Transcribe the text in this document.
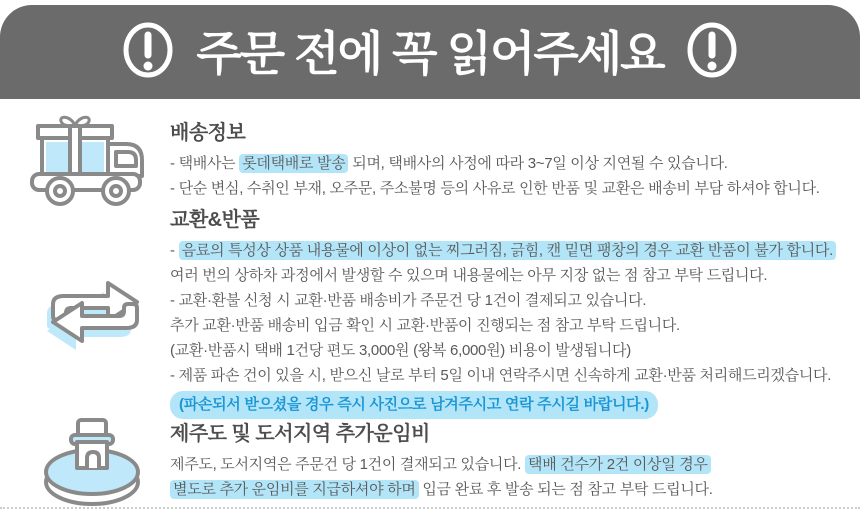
주문 전에 꼭 읽어주세요
배송정보

- 택배사는 롯데택배로 발송 되며, 택배사의 사정에 따라 3~7일 이상 지연될 수 있습니다.

- 단순 변심, 수취인 부재, 오주문, 주소불명 등의 사유로 인한 반품 및 교환은 배송비 부담 하셔야 합니다.

교환&반품

- 음료의 특성상 상품 내용물에 이상이 없는 찌그러짐, 긁힘, 캔 밑면 팽창의 경우 교환 반품이 불가 합니다.

여러 번의 상하차 과정에서 발생할 수 있으며 내용물에는 아무 지장 없는 점 참고 부탁 드립니다.

- 교환·환불 신청 시 교환·반품 배송비가 주문건 당 1건이 결제되고 있습니다.

추가 교환·반품 배송비 입금 확인 시 교환·반품이 진행되는 점 참고 부탁 드립니다.

(교환·반품시 택배 1건당 편도 3,000원 (왕복 6,000원) 비용이 발생됩니다)

- 제품 파손 건이 있을 시, 받으신 날로 부터 5일 이내 연락주시면 신속하게 교환·반품 처리해드리겠습니다.

(파손되서 받으셨을 경우 즉시 사진으로 남겨주시고 연락 주시길 바랍니다.)

제주도 및 도서지역 추가운임비

제주도, 도서지역은 주문건 당 1건이 결재되고 있습니다. 택배 건수가 2건 이상일 경우

별도로 추가 운임비를 지급하셔야 하며 입금 완료 후 발송 되는 점 참고 부탁 드립니다.
